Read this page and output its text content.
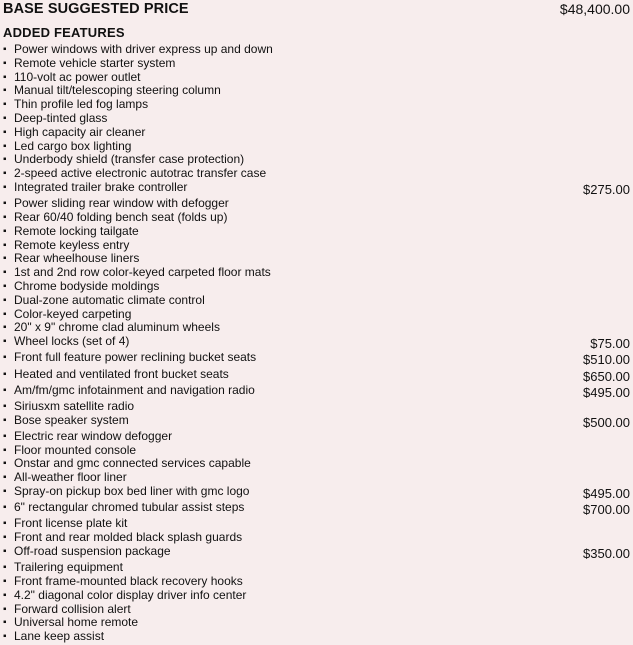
BASE SUGGESTED PRICE	$48,400.00
ADDED FEATURES
▪ Power windows with driver express up and down
▪ Remote vehicle starter system
▪ 110-volt ac power outlet
▪ Manual tilt/telescoping steering column
▪ Thin profile led fog lamps
▪ Deep-tinted glass
▪ High capacity air cleaner
▪ Led cargo box lighting
▪ Underbody shield (transfer case protection)
▪ 2-speed active electronic autotrac transfer case
▪ Integrated trailer brake controller	$275.00
▪ Power sliding rear window with defogger
▪ Rear 60/40 folding bench seat (folds up)
▪ Remote locking tailgate
▪ Remote keyless entry
▪ Rear wheelhouse liners
▪ 1st and 2nd row color-keyed carpeted floor mats
▪ Chrome bodyside moldings
▪ Dual-zone automatic climate control
▪ Color-keyed carpeting
▪ 20" x 9" chrome clad aluminum wheels
▪ Wheel locks (set of 4)	$75.00
▪ Front full feature power reclining bucket seats	$510.00
▪ Heated and ventilated front bucket seats	$650.00
▪ Am/fm/gmc infotainment and navigation radio	$495.00
▪ Siriusxm satellite radio
▪ Bose speaker system	$500.00
▪ Electric rear window defogger
▪ Floor mounted console
▪ Onstar and gmc connected services capable
▪ All-weather floor liner
▪ Spray-on pickup box bed liner with gmc logo	$495.00
▪ 6" rectangular chromed tubular assist steps	$700.00
▪ Front license plate kit
▪ Front and rear molded black splash guards
▪ Off-road suspension package	$350.00
▪ Trailering equipment
▪ Front frame-mounted black recovery hooks
▪ 4.2" diagonal color display driver info center
▪ Forward collision alert
▪ Universal home remote
▪ Lane keep assist
